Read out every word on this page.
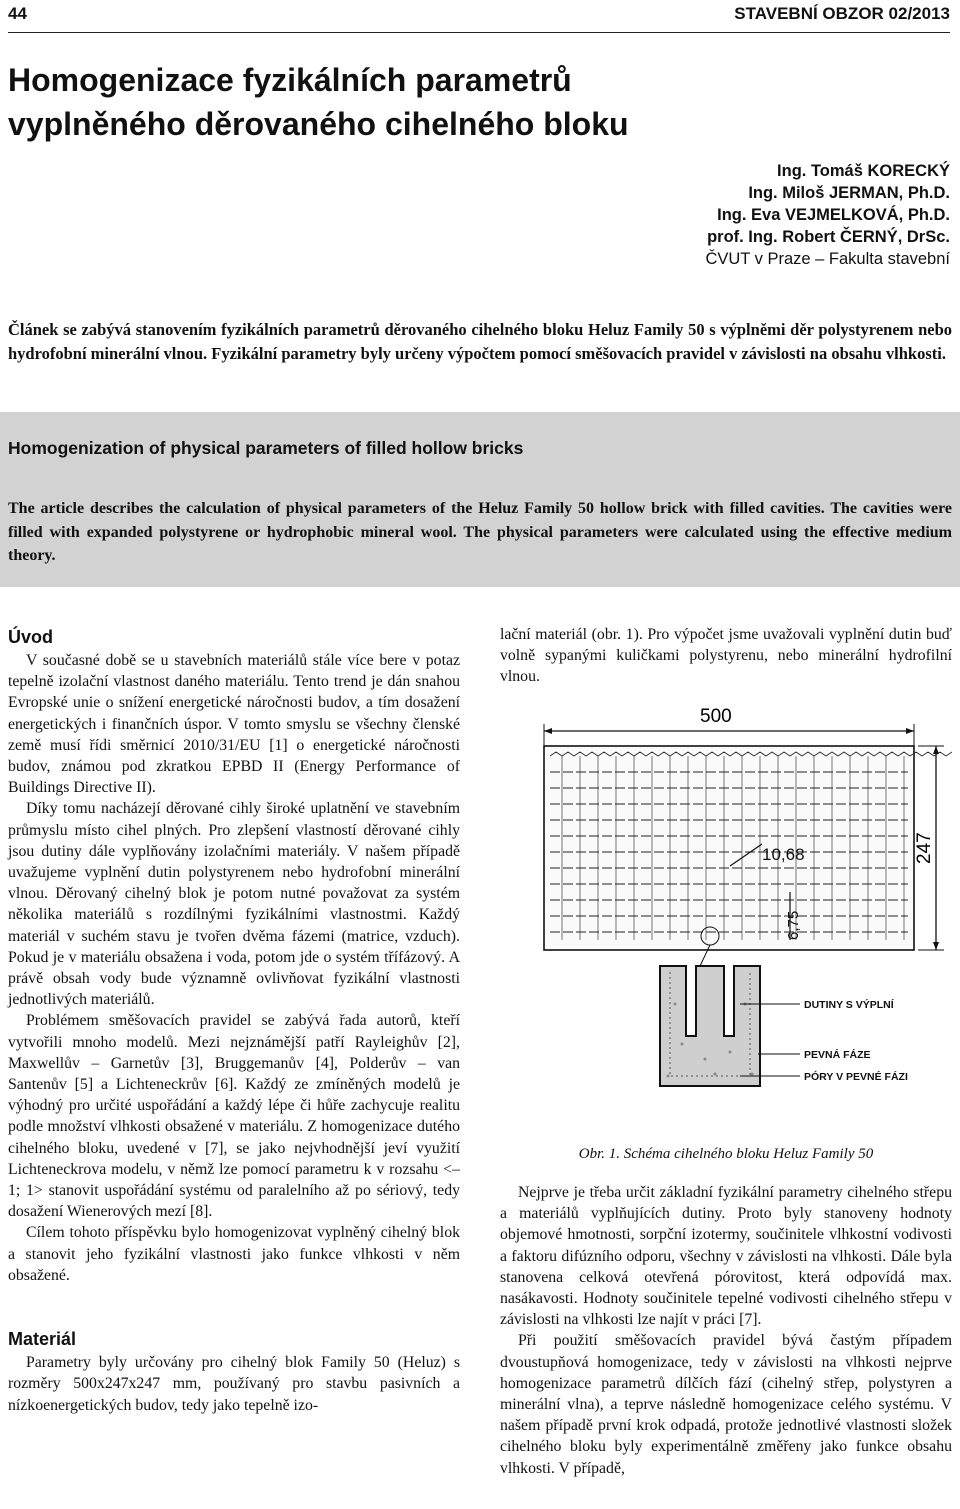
44	STAVEBNÍ OBZOR 02/2013
Homogenizace fyzikálních parametrů
vyplněného děrovaného cihelného bloku
Ing. Tomáš KORECKÝ
Ing. Miloš JERMAN, Ph.D.
Ing. Eva VEJMELKOVÁ, Ph.D.
prof. Ing. Robert ČERNÝ, DrSc.
ČVUT v Praze – Fakulta stavební
Článek se zabývá stanovením fyzikálních parametrů děrovaného cihelného bloku Heluz Family 50 s výplněmi děr polystyrenem nebo hydrofobní minerální vlnou. Fyzikální parametry byly určeny výpočtem pomocí směšovacích pravidel v závislosti na obsahu vlhkosti.
Homogenization of physical parameters of filled hollow bricks
The article describes the calculation of physical parameters of the Heluz Family 50 hollow brick with filled cavities. The cavities were filled with expanded polystyrene or hydrophobic mineral wool. The physical parameters were calculated using the effective medium theory.
Úvod

V současné době se u stavebních materiálů stále více bere v potaz tepelně izolační vlastnost daného materiálu. Tento trend je dán snahou Evropské unie o snížení energetické náročnosti budov, a tím dosažení energetických i finančních úspor. V tomto smyslu se všechny členské země musí řídi směrnicí 2010/31/EU [1] o energetické náročnosti budov, známou pod zkratkou EPBD II (Energy Performance of Buildings Directive II).

Díky tomu nacházejí děrované cihly široké uplatnění ve stavebním průmyslu místo cihel plných. Pro zlepšení vlastností děrované cihly jsou dutiny dále vyplňovány izolačními materiály. V našem případě uvažujeme vyplnění dutin polystyrenem nebo hydrofobní minerální vlnou. Děrovaný cihelný blok je potom nutné považovat za systém několika materiálů s rozdílnými fyzikálními vlastnostmi. Každý materiál v suchém stavu je tvořen dvěma fázemi (matrice, vzduch). Pokud je v materiálu obsažena i voda, potom jde o systém třífázový. A právě obsah vody bude významně ovlivňovat fyzikální vlastnosti jednotlivých materiálů.

Problémem směšovacích pravidel se zabývá řada autorů, kteří vytvořili mnoho modelů. Mezi nejznámější patří Rayleighův [2], Maxwellův – Garnetův [3], Bruggemanův [4], Polderův – van Santenův [5] a Lichteneckrův [6]. Každý ze zmíněných modelů je výhodný pro určité uspořádání a každý lépe či hůře zachycuje realitu podle množství vlhkosti obsažené v materiálu. Z homogenizace dutého cihelného bloku, uvedené v [7], se jako nejvhodnější jeví využití Lichteneckrova modelu, v němž lze pomocí parametru k v rozsahu <–1; 1> stanovit uspořádání systému od paralelního až po sériový, tedy dosažení Wienerových mezí [8].

Cílem tohoto příspěvku bylo homogenizovat vyplněný cihelný blok a stanovit jeho fyzikální vlastnosti jako funkce vlhkosti v něm obsažené.

Materiál

Parametry byly určovány pro cihelný blok Family 50 (Heluz) s rozměry 500x247x247 mm, používaný pro stavbu pasivních a nízkoenergetických budov, tedy jako tepelně izo-

lační materiál (obr. 1). Pro výpočet jsme uvažovali vyplnění dutin buď volně sypanými kuličkami polystyrenu, nebo minerální hydrofilní vlnou.

500
247
10,68
6,75
DUTINY S VÝPLNÍ
PEVNÁ FÁZE
PÓRY V PEVNÉ FÁZI
Obr. 1. Schéma cihelného bloku Heluz Family 50

Nejprve je třeba určit základní fyzikální parametry cihelného střepu a materiálů vyplňujících dutiny. Proto byly stanoveny hodnoty objemové hmotnosti, sorpční izotermy, součinitele vlhkostní vodivosti a faktoru difúzního odporu, všechny v závislosti na vlhkosti. Dále byla stanovena celková otevřená pórovitost, která odpovídá max. nasákavosti. Hodnoty součinitele tepelné vodivosti cihelného střepu v závislosti na vlhkosti lze najít v práci [7].

Při použití směšovacích pravidel bývá častým případem dvoustupňová homogenizace, tedy v závislosti na vlhkosti nejprve homogenizace parametrů dílčích fází (cihelný střep, polystyren a minerální vlna), a teprve následně homogenizace celého systému. V našem případě první krok odpadá, protože jednotlivé vlastnosti složek cihelného bloku byly experimentálně změřeny jako funkce obsahu vlhkosti. V případě,
